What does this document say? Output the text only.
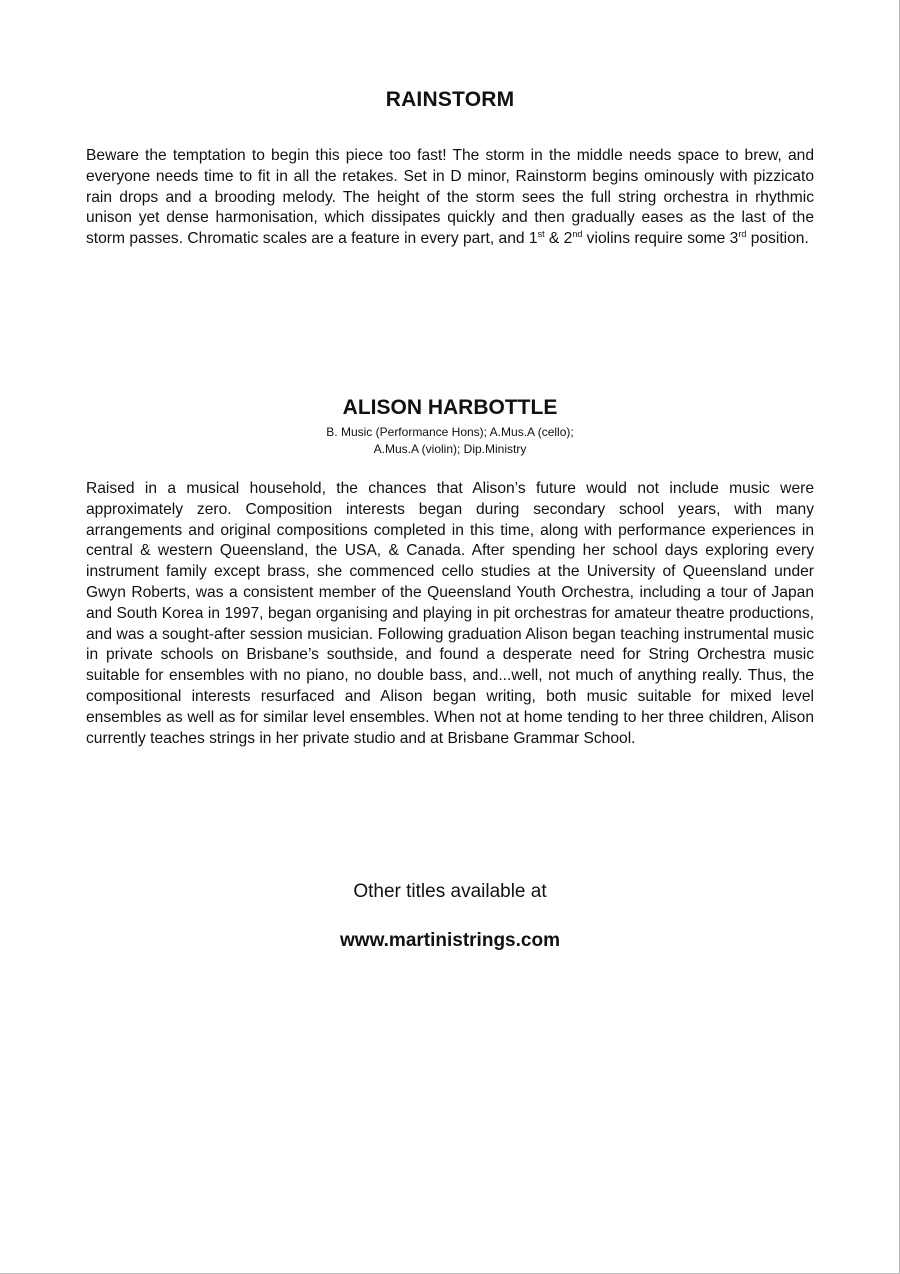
RAINSTORM

Beware the temptation to begin this piece too fast! The storm in the middle needs space to brew, and everyone needs time to fit in all the retakes. Set in D minor, Rainstorm begins ominously with pizzicato rain drops and a brooding melody. The height of the storm sees the full string orchestra in rhythmic unison yet dense harmonisation, which dissipates quickly and then gradually eases as the last of the storm passes. Chromatic scales are a feature in every part, and 1st & 2nd violins require some 3rd position.

ALISON HARBOTTLE
B. Music (Performance Hons); A.Mus.A (cello);
A.Mus.A (violin); Dip.Ministry

Raised in a musical household, the chances that Alison’s future would not include music were approximately zero. Composition interests began during secondary school years, with many arrangements and original compositions completed in this time, along with performance experiences in central & western Queensland, the USA, & Canada. After spending her school days exploring every instrument family except brass, she commenced cello studies at the University of Queensland under Gwyn Roberts, was a consistent member of the Queensland Youth Orchestra, including a tour of Japan and South Korea in 1997, began organising and playing in pit orchestras for amateur theatre productions, and was a sought-after session musician. Following graduation Alison began teaching instrumental music in private schools on Brisbane’s southside, and found a desperate need for String Orchestra music suitable for ensembles with no piano, no double bass, and...well, not much of anything really. Thus, the compositional interests resurfaced and Alison began writing, both music suitable for mixed level ensembles as well as for similar level ensembles. When not at home tending to her three children, Alison currently teaches strings in her private studio and at Brisbane Grammar School.

Other titles available at
www.martinistrings.com
